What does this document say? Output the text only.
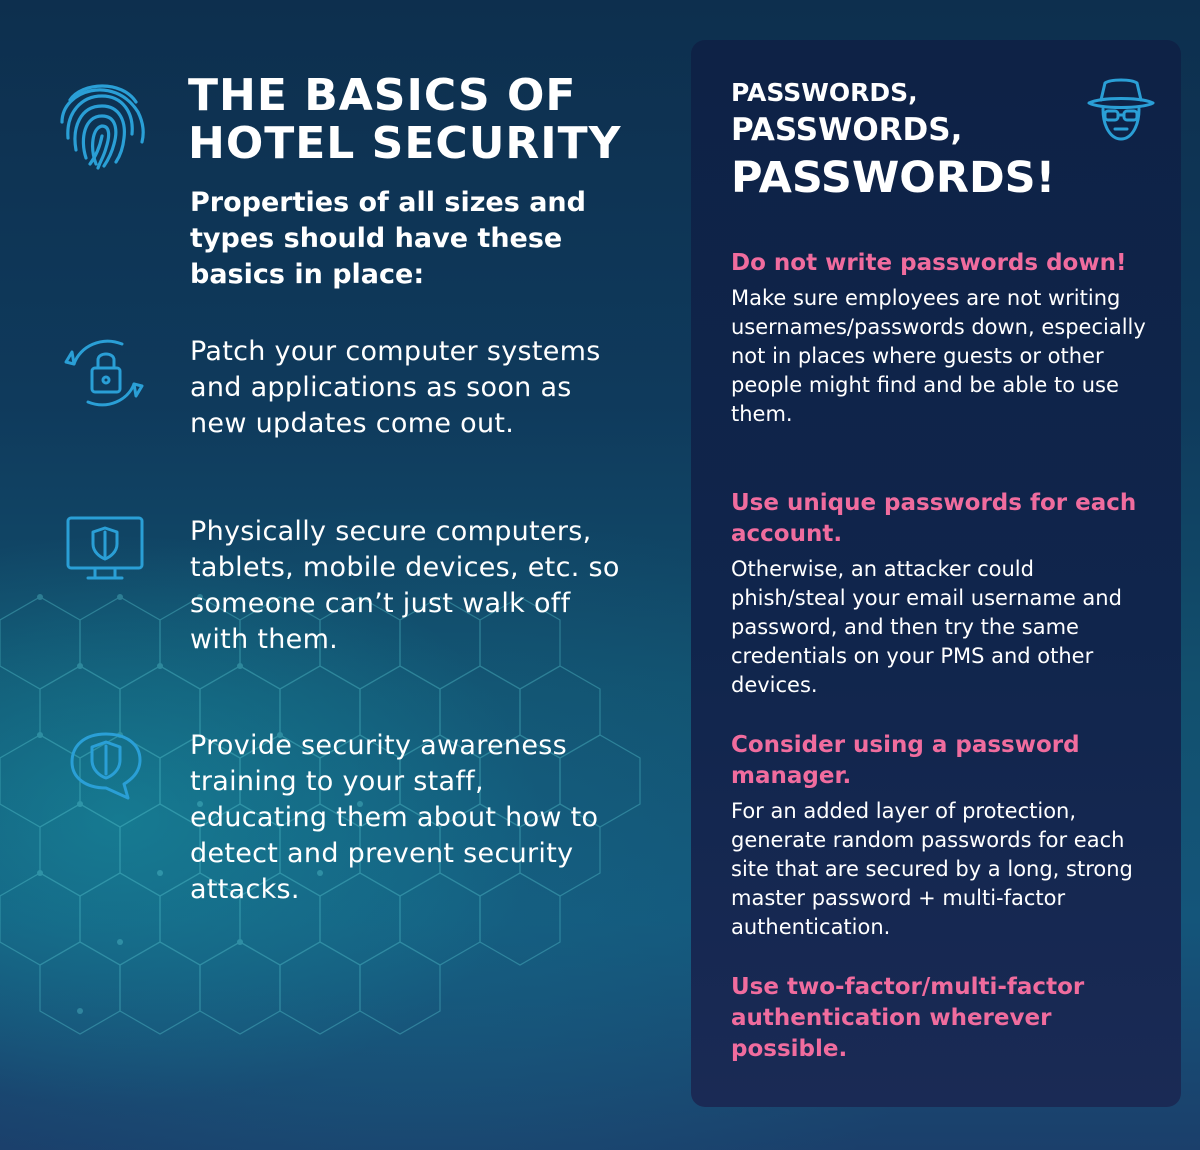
THE BASICS OF
HOTEL SECURITY
Properties of all sizes and types should have these basics in place:
Patch your computer systems and applications as soon as new updates come out.
Physically secure computers, tablets, mobile devices, etc. so someone can’t just walk off with them.
Provide security awareness training to your staff, educating them about how to detect and prevent security attacks.
PASSWORDS,
PASSWORDS,
PASSWORDS!
Do not write passwords down!
Make sure employees are not writing usernames/passwords down, especially not in places where guests or other people might find and be able to use them.
Use unique passwords for each account.
Otherwise, an attacker could phish/steal your email username and password, and then try the same credentials on your PMS and other devices.
Consider using a password manager.
For an added layer of protection, generate random passwords for each site that are secured by a long, strong master password + multi-factor authentication.
Use two-factor/multi-factor authentication wherever possible.
